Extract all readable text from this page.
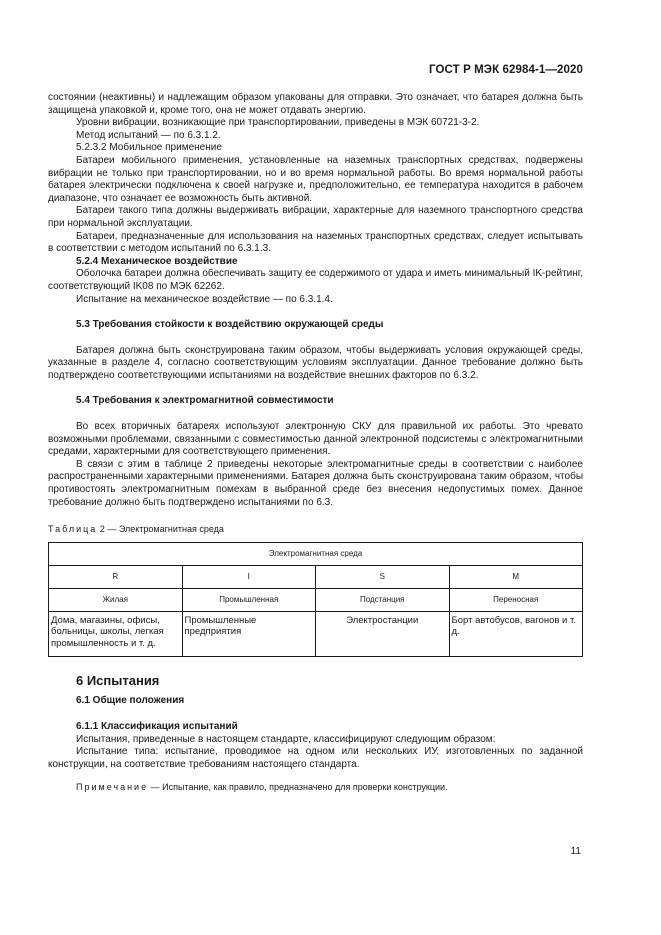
ГОСТ Р МЭК 62984-1—2020

состоянии (неактивны) и надлежащим образом упакованы для отправки. Это означает, что батарея должна быть защищена упаковкой и, кроме того, она не может отдавать энергию.

Уровни вибрации, возникающие при транспортировании, приведены в МЭК 60721-3-2.

Метод испытаний — по 6.3.1.2.

5.2.3.2 Мобильное применение

Батареи мобильного применения, установленные на наземных транспортных средствах, подвержены вибрации не только при транспортировании, но и во время нормальной работы. Во время нормальной работы батарея электрически подключена к своей нагрузке и, предположительно, ее температура находится в рабочем диапазоне, что означает ее возможность быть активной.

Батареи такого типа должны выдерживать вибрации, характерные для наземного транспортного средства при нормальной эксплуатации.

Батареи, предназначенные для использования на наземных транспортных средствах, следует испытывать в соответствии с методом испытаний по 6.3.1.3.

5.2.4 Механическое воздействие

Оболочка батареи должна обеспечивать защиту ее содержимого от удара и иметь минимальный IK-рейтинг, соответствующий IK08 по МЭК 62262.

Испытание на механическое воздействие — по 6.3.1.4.

5.3 Требования стойкости к воздействию окружающей среды

Батарея должна быть сконструирована таким образом, чтобы выдерживать условия окружающей среды, указанные в разделе 4, согласно соответствующим условиям эксплуатации. Данное требование должно быть подтверждено соответствующими испытаниями на воздействие внешних факторов по 6.3.2.

5.4 Требования к электромагнитной совместимости

Во всех вторичных батареях используют электронную СКУ для правильной их работы. Это чревато возможными проблемами, связанными с совместимостью данной электронной подсистемы с электромагнитными средами, характерными для соответствующего применения.

В связи с этим в таблице 2 приведены некоторые электромагнитные среды в соответствии с наиболее распространенными характерными применениями. Батарея должна быть сконструирована таким образом, чтобы противостоять электромагнитным помехам в выбранной среде без внесения недопустимых помех. Данное требование должно быть подтверждено испытаниями по 6.3.

Таблица 2 — Электромагнитная среда

Электромагнитная среда			
R	I	S	M
Жилая	Промышленная	Подстанция	Переносная
Дома, магазины, офисы, больницы, школы, легкая промышленность и т. д.	Промышленные предприятия	Электростанции	Борт автобусов, вагонов и т. д.

6 Испытания

6.1 Общие положения

6.1.1 Классификация испытаний

Испытания, приведенные в настоящем стандарте, классифицируют следующим образом:

Испытание типа: испытание, проводимое на одном или нескольких ИУ, изготовленных по заданной конструкции, на соответствие требованиям настоящего стандарта.

Примечание — Испытание, как правило, предназначено для проверки конструкции.

11
